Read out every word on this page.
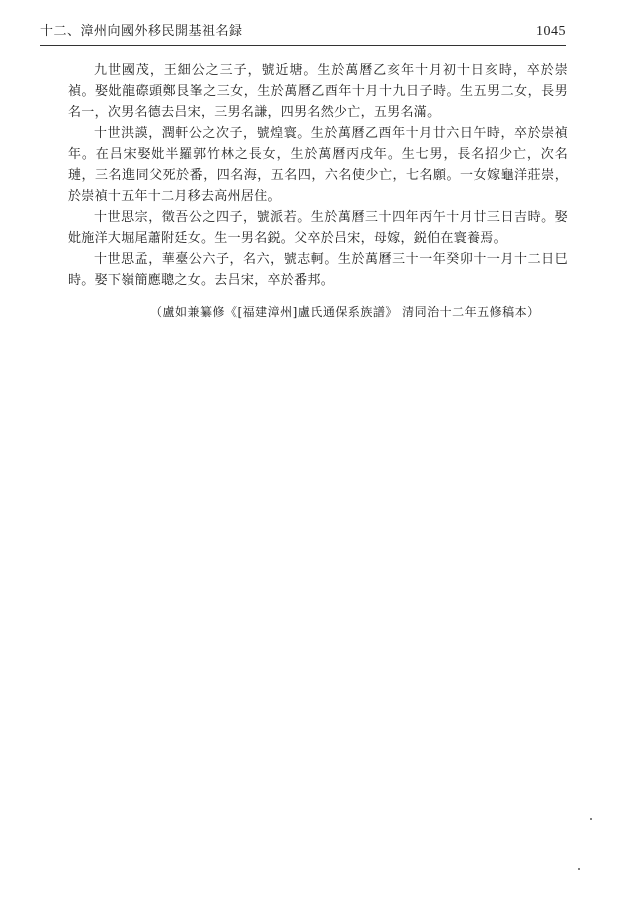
十二、漳州向國外移民開基祖名録	1045

九世國茂，王細公之三子，號近塘。生於萬曆乙亥年十月初十日亥時，卒於崇禎。娶妣龍磜頭鄭艮峯之三女，生於萬曆乙酉年十月十九日子時。生五男二女，長男名一，次男名德去吕宋，三男名謙，四男名然少亡，五男名滿。

十世洪謨，潤軒公之次子，號煌寰。生於萬曆乙酉年十月廿六日午時，卒於崇禎年。在吕宋娶妣半羅郭竹林之長女，生於萬曆丙戌年。生七男，長名招少亡，次名璉，三名進同父死於番，四名海，五名四，六名使少亡，七名願。一女嫁龜洋莊崇，於崇禎十五年十二月移去高州居住。

十世思宗，徵吾公之四子，號派若。生於萬曆三十四年丙午十月廿三日吉時。娶妣施洋大堀尾蕭附廷女。生一男名鋭。父卒於吕宋，母嫁，鋭伯在寰養焉。

十世思孟，華臺公六子，名六，號志軻。生於萬曆三十一年癸卯十一月十二日巳時。娶下嶺簡應聰之女。去吕宋，卒於番邦。

（盧如兼纂修《[福建漳州]盧氏通保系族譜》 清同治十二年五修稿本）
